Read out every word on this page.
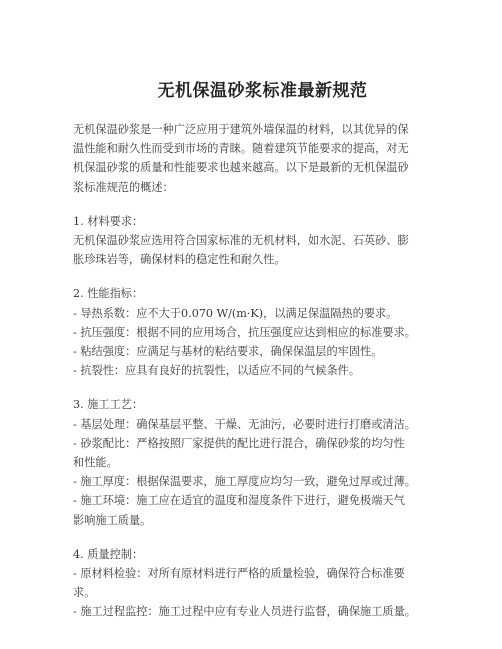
无机保温砂浆标准最新规范
无机保温砂浆是一种广泛应用于建筑外墙保温的材料，以其优异的保
温性能和耐久性而受到市场的青睐。随着建筑节能要求的提高，对无
机保温砂浆的质量和性能要求也越来越高。以下是最新的无机保温砂
浆标准规范的概述：
1. 材料要求：
无机保温砂浆应选用符合国家标准的无机材料，如水泥、石英砂、膨
胀珍珠岩等，确保材料的稳定性和耐久性。
2. 性能指标：
- 导热系数：应不大于0.070 W/(m·K)，以满足保温隔热的要求。
- 抗压强度：根据不同的应用场合，抗压强度应达到相应的标准要求。
- 粘结强度：应满足与基材的粘结要求，确保保温层的牢固性。
- 抗裂性：应具有良好的抗裂性，以适应不同的气候条件。
3. 施工工艺：
- 基层处理：确保基层平整、干燥、无油污，必要时进行打磨或清洁。
- 砂浆配比：严格按照厂家提供的配比进行混合，确保砂浆的均匀性
和性能。
- 施工厚度：根据保温要求，施工厚度应均匀一致，避免过厚或过薄。
- 施工环境：施工应在适宜的温度和湿度条件下进行，避免极端天气
影响施工质量。
4. 质量控制：
- 原材料检验：对所有原材料进行严格的质量检验，确保符合标准要
求。
- 施工过程监控：施工过程中应有专业人员进行监督，确保施工质量。
